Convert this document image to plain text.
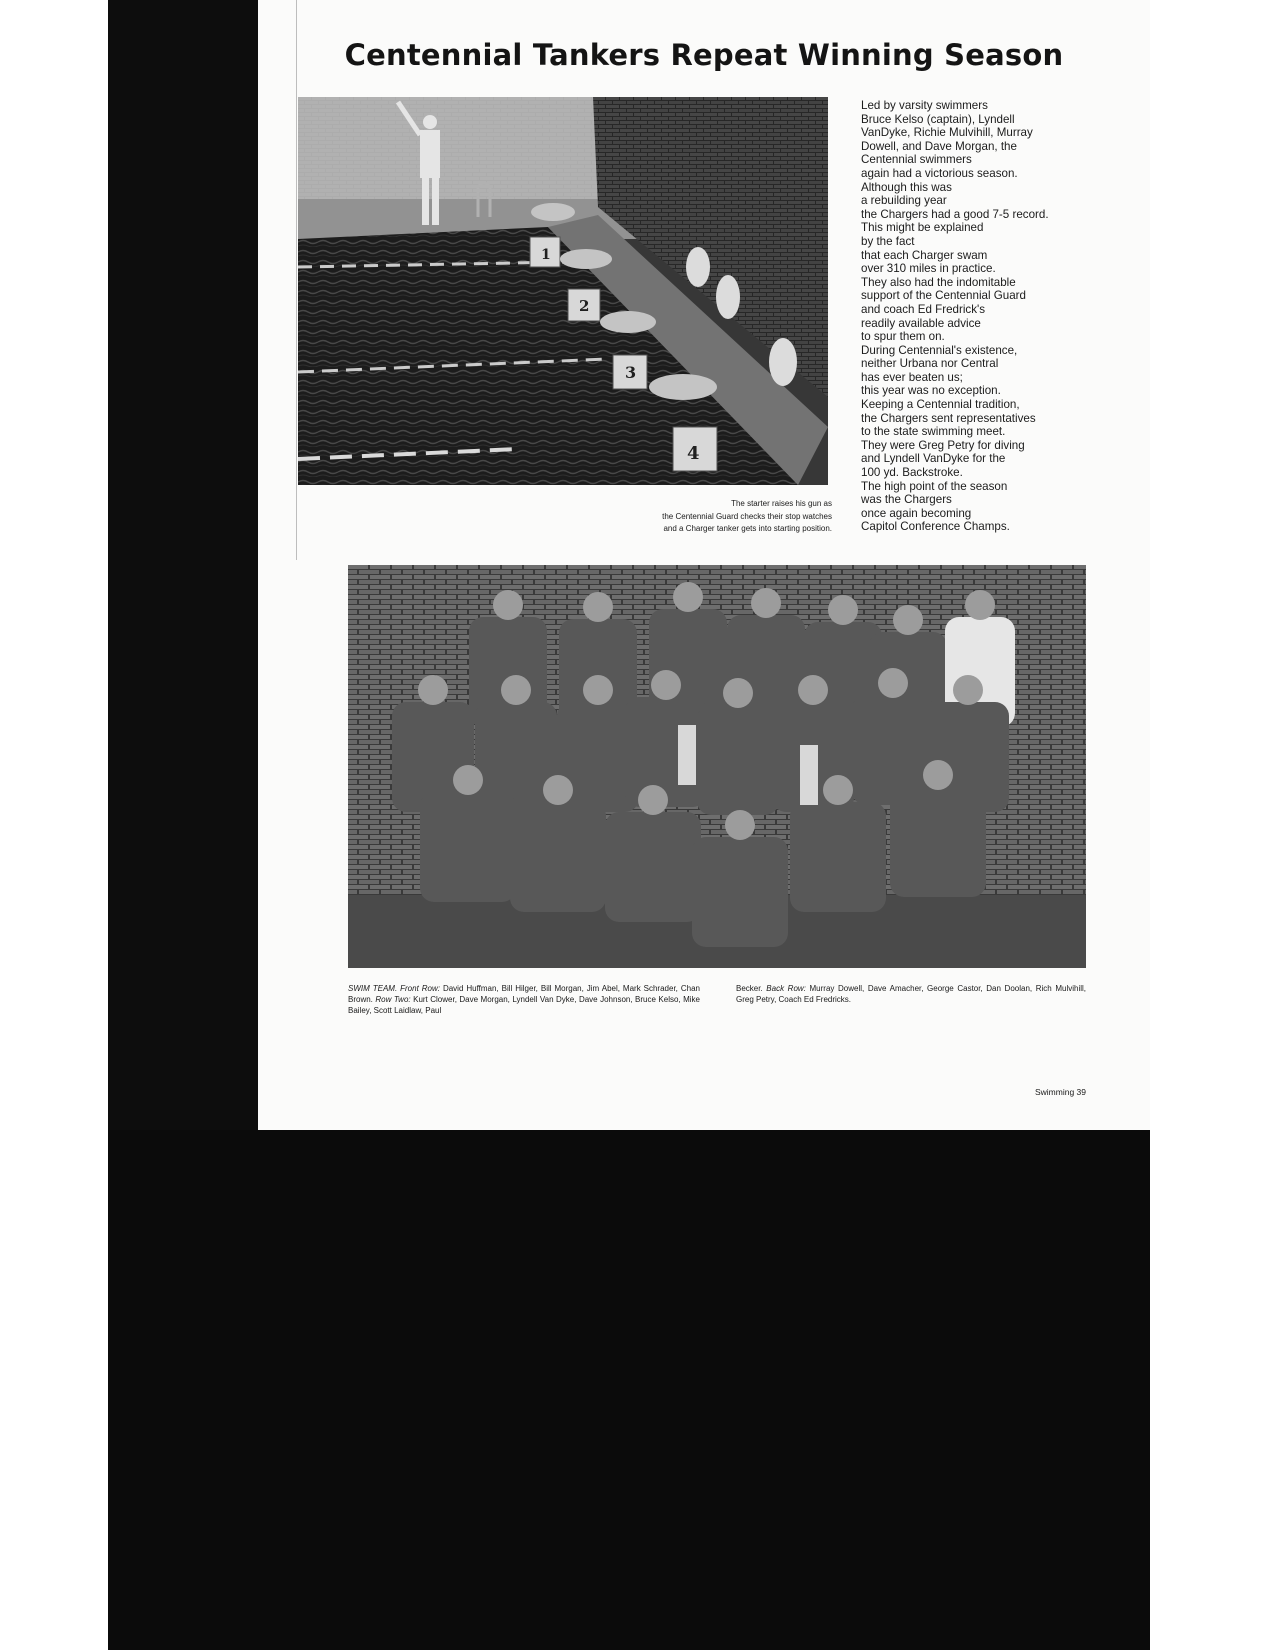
Centennial Tankers Repeat Winning Season
1
2
3
4
The starter raises his gun as
the Centennial Guard checks their stop watches
and a Charger tanker gets into starting position.
Led by varsity swimmers
Bruce Kelso (captain), Lyndell
VanDyke, Richie Mulvihill, Murray
Dowell, and Dave Morgan, the
Centennial swimmers
again had a victorious season.
Although this was
a rebuilding year
the Chargers had a good 7-5 record.
This might be explained
by the fact
that each Charger swam
over 310 miles in practice.
They also had the indomitable
support of the Centennial Guard
and coach Ed Fredrick's
readily available advice
to spur them on.
During Centennial's existence,
neither Urbana nor Central
has ever beaten us;
this year was no exception.
Keeping a Centennial tradition,
the Chargers sent representatives
to the state swimming meet.
They were Greg Petry for diving
and Lyndell VanDyke for the
100 yd. Backstroke.
The high point of the season
was the Chargers
once again becoming
Capitol Conference Champs.
SWIM TEAM. Front Row: David Huffman, Bill Hilger, Bill Morgan, Jim Abel, Mark Schrader, Chan Brown. Row Two: Kurt Clower, Dave Morgan, Lyndell Van Dyke, Dave Johnson, Bruce Kelso, Mike Bailey, Scott Laidlaw, Paul
Becker. Back Row: Murray Dowell, Dave Amacher, George Castor, Dan Doolan, Rich Mulvihill, Greg Petry, Coach Ed Fredricks.
Swimming 39
